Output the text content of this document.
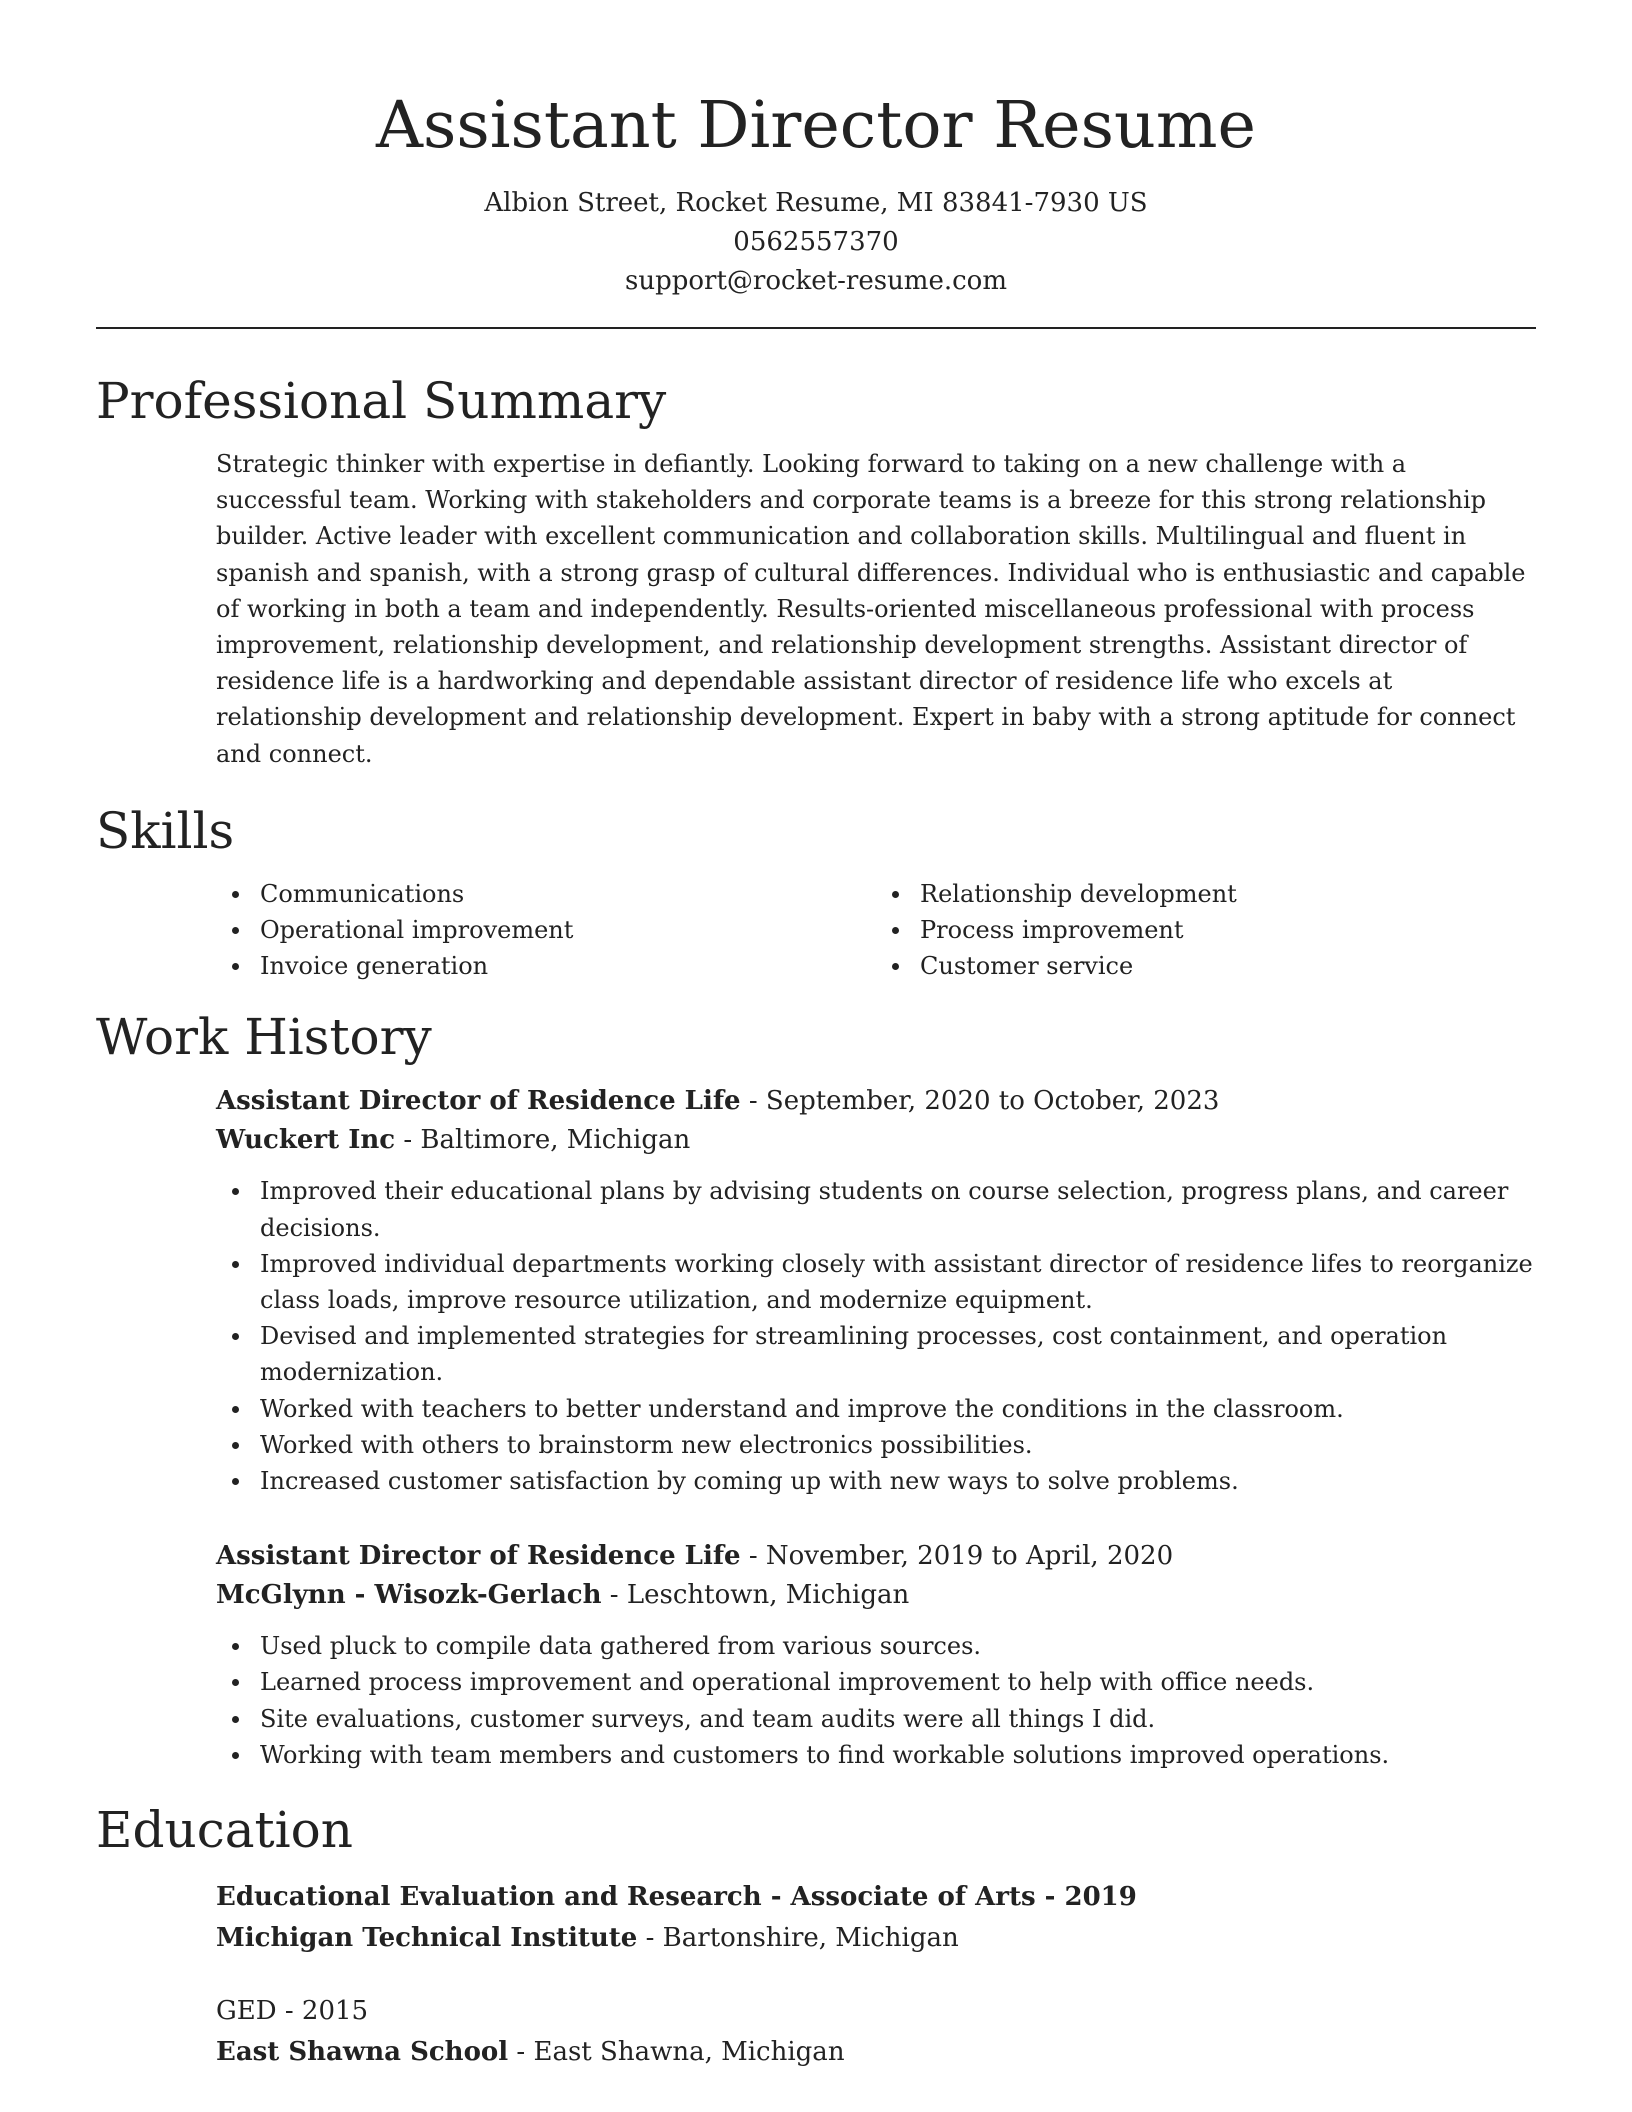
Assistant Director Resume
Albion Street, Rocket Resume, MI 83841-7930 US
0562557370
support@rocket-resume.com
Professional Summary

Strategic thinker with expertise in defiantly. Looking forward to taking on a new challenge with a successful team. Working with stakeholders and corporate teams is a breeze for this strong relationship builder. Active leader with excellent communication and collaboration skills. Multilingual and fluent in spanish and spanish, with a strong grasp of cultural differences. Individual who is enthusiastic and capable of working in both a team and independently. Results-oriented miscellaneous professional with process improvement, relationship development, and relationship development strengths. Assistant director of residence life is a hardworking and dependable assistant director of residence life who excels at relationship development and relationship development. Expert in baby with a strong aptitude for connect and connect.

Skills
Communications
Operational improvement
Invoice generation
Relationship development
Process improvement
Customer service
Work History
Assistant Director of Residence Life - September, 2020 to October, 2023
Wuckert Inc - Baltimore, Michigan
Improved their educational plans by advising students on course selection, progress plans, and career decisions.
Improved individual departments working closely with assistant director of residence lifes to reorganize class loads, improve resource utilization, and modernize equipment.
Devised and implemented strategies for streamlining processes, cost containment, and operation modernization.
Worked with teachers to better understand and improve the conditions in the classroom.
Worked with others to brainstorm new electronics possibilities.
Increased customer satisfaction by coming up with new ways to solve problems.
Assistant Director of Residence Life - November, 2019 to April, 2020
McGlynn - Wisozk-Gerlach - Leschtown, Michigan
Used pluck to compile data gathered from various sources.
Learned process improvement and operational improvement to help with office needs.
Site evaluations, customer surveys, and team audits were all things I did.
Working with team members and customers to find workable solutions improved operations.
Education
Educational Evaluation and Research - Associate of Arts - 2019
Michigan Technical Institute - Bartonshire, Michigan
GED - 2015
East Shawna School - East Shawna, Michigan
